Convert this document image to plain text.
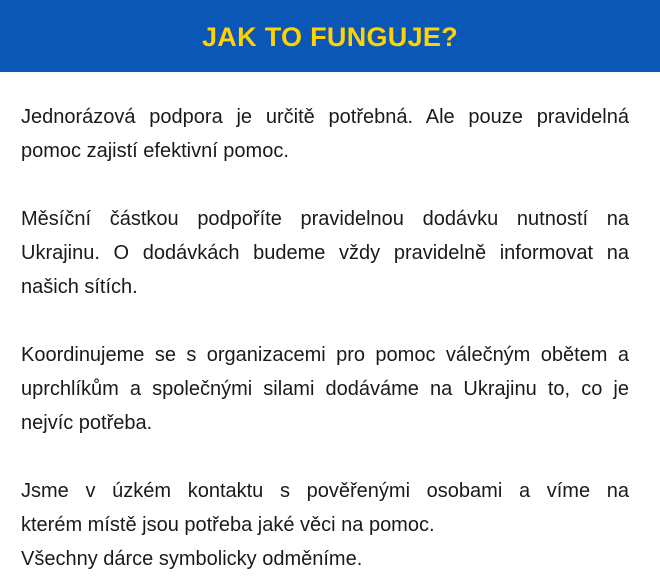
JAK TO FUNGUJE?

Jednorázová podpora je určitě potřebná. Ale pouze pravidelná pomoc zajistí efektivní pomoc.

Měsíční částkou podpoříte pravidelnou dodávku nutností na Ukrajinu. O dodávkách budeme vždy pravidelně informovat na našich sítích.

Koordinujeme se s organizacemi pro pomoc válečným obětem a uprchlíkům a společnými silami dodáváme na Ukrajinu to, co je nejvíc potřeba.

Jsme v úzkém kontaktu s pověřenými osobami a víme na
kterém místě jsou potřeba jaké věci na pomoc.
Všechny dárce symbolicky odměníme.
